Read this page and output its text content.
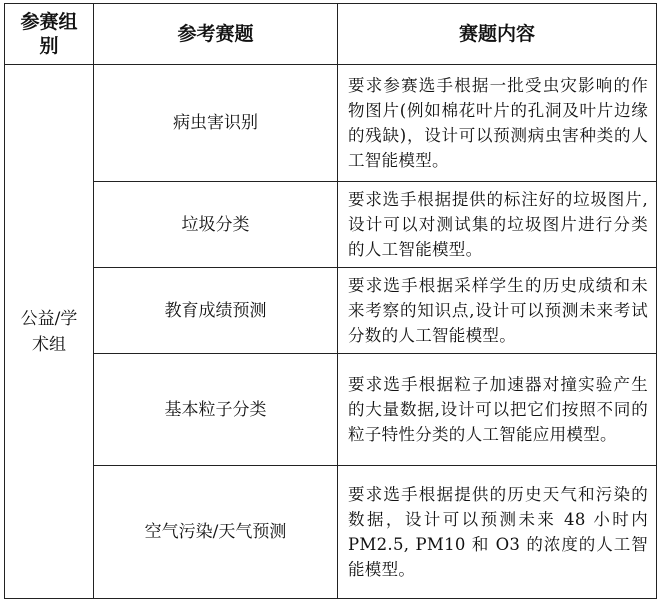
参赛组别	参考赛题	赛题内容
公益/学术组	病虫害识别	要求参赛选手根据一批受虫灾影响的作物图片(例如棉花叶片的孔洞及叶片边缘的残缺)，设计可以预测病虫害种类的人工智能模型。
	垃圾分类	要求选手根据提供的标注好的垃圾图片,设计可以对测试集的垃圾图片进行分类的人工智能模型。
	教育成绩预测	要求选手根据采样学生的历史成绩和未来考察的知识点,设计可以预测未来考试分数的人工智能模型。
	基本粒子分类	要求选手根据粒子加速器对撞实验产生的大量数据,设计可以把它们按照不同的粒子特性分类的人工智能应用模型。
	空气污染/天气预测	要求选手根据提供的历史天气和污染的数据，设计可以预测未来 48 小时内 PM2.5, PM10 和 O3 的浓度的人工智能模型。
